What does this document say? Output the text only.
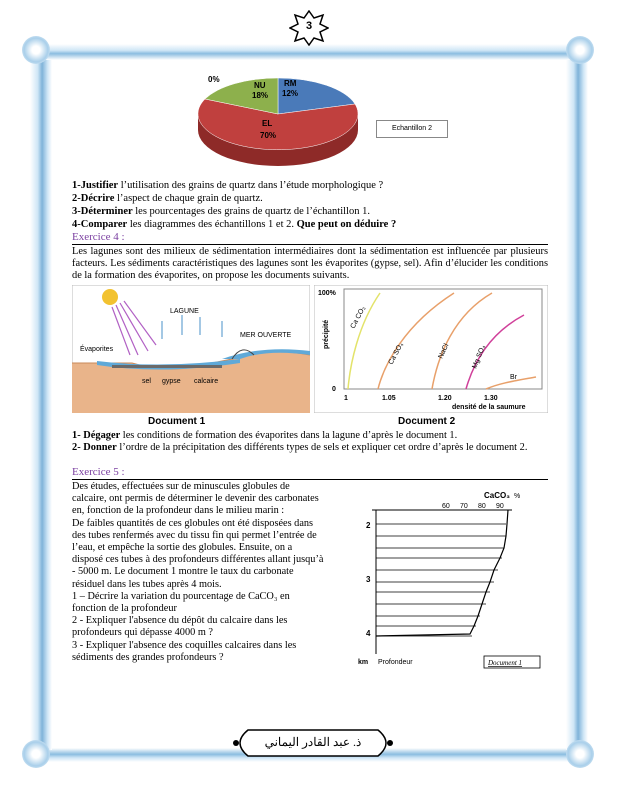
3
0%
NU
18%
RM
12%
EL
70%
Echantillon 2
1-Justifier l’utilisation des grains de quartz dans l’étude morphologique ?
2-Décrire l’aspect de chaque grain de quartz.
3-Déterminer les pourcentages des grains de quartz de l’échantillon 1.
4-Comparer les diagrammes des échantillons 1 et 2. Que peut on déduire ?
Exercice 4 :
Les lagunes sont des milieux de sédimentation intermédiaires dont la sédimentation est influencée par plusieurs facteurs. Les sédiments caractéristiques des lagunes sont les évaporites (gypse, sel). Afin d’élucider les conditions de la formation des évaporites, on propose les documents suivants.
LAGUNE
MER OUVERTE
Évaporites
sel gypse calcaire
Document 1
100%
0
précipité
1	1.05	1.20	1.30
densité de la saumure
Ca CO₃
Ca SO₄	NaCl	Mg SO₄
Br
Document 2
1- Dégager les conditions de formation des évaporites dans la lagune d’après le document 1.
2- Donner l’ordre de la précipitation des différents types de sels et expliquer cet ordre d’après le document 2.
Exercice 5 :
Des études, effectuées sur de minuscules globules de
calcaire, ont permis de déterminer le devenir des carbonates
en, fonction de la profondeur dans le milieu marin :
De faibles quantités de ces globules ont été disposées dans
des tubes renfermés avec du tissu fin qui permet l’entrée de
l’eau, et empêche la sortie des globules. Ensuite, on a
disposé ces tubes à des profondeurs différentes allant jusqu’à
- 5000 m. Le document 1 montre le taux du carbonate
résiduel dans les tubes après 4 mois.
1 – Décrire la variation du pourcentage de CaCO₃ en
fonction de la profondeur
2 - Expliquer l'absence du dépôt du calcaire dans les
profondeurs qui dépasse 4000 m ?
3 - Expliquer l'absence des coquilles calcaires dans les
sédiments des grandes profondeurs ?
CaCO₃ %
60 70 80 90
2
3
4
km Profondeur	Document 1
ذ. عبد القادر اليماني
